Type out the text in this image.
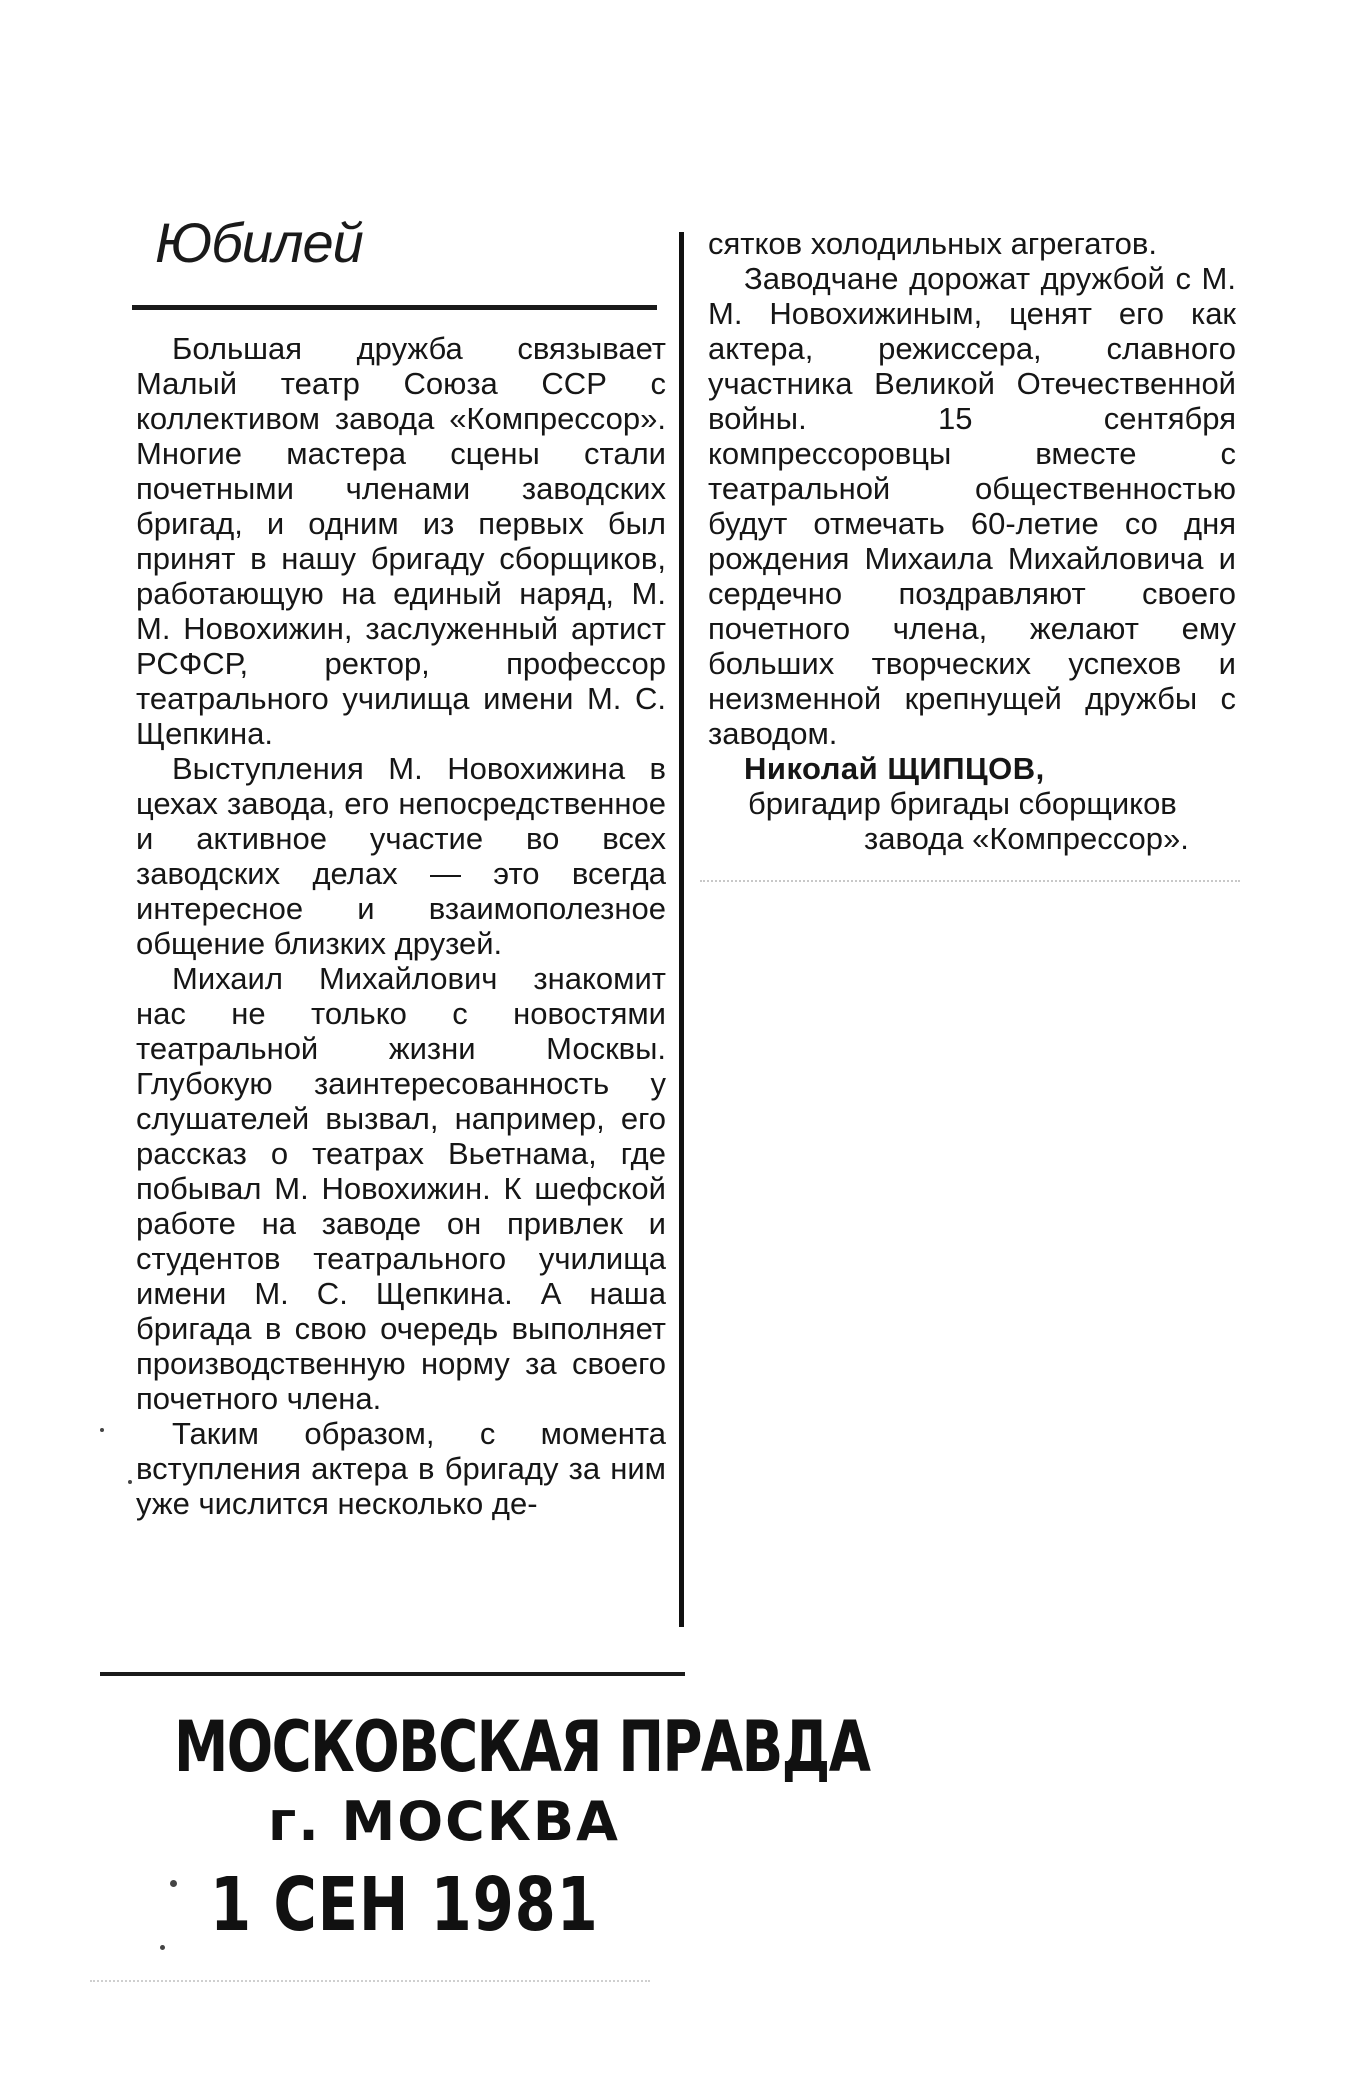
Юбилей

Большая дружба связывает Малый театр Союза ССР с коллективом завода «Компрессор». Многие мастера сцены стали почетными членами заводских бригад, и одним из первых был принят в нашу бригаду сборщиков, работающую на единый наряд, М. М. Новохижин, заслуженный артист РСФСР, ректор, профессор театрального училища имени М. С. Щепкина.

Выступления М. Новохижина в цехах завода, его непосредственное и активное участие во всех заводских делах — это всегда интересное и взаимополезное общение близких друзей.

Михаил Михайлович знакомит нас не только с новостями театральной жизни Москвы. Глубокую заинтересованность у слушателей вызвал, например, его рассказ о театрах Вьетнама, где побывал М. Новохижин. К шефской работе на заводе он привлек и студентов театрального училища имени М. С. Щепкина. А наша бригада в свою очередь выполняет производственную норму за своего почетного члена.

Таким образом, с момента вступления актера в бригаду за ним уже числится несколько де-

сятков холодильных агрегатов.

Заводчане дорожат дружбой с М. М. Новохижиным, ценят его как актера, режиссера, славного участника Великой Отечественной войны. 15 сентября компрессоровцы вместе с театральной общественностью будут отмечать 60-летие со дня рождения Михаила Михайловича и сердечно поздравляют своего почетного члена, желают ему больших творческих успехов и неизменной крепнущей дружбы с заводом.

Николай ЩИПЦОВ,

бригадир бригады сборщиков

завода «Компрессор».

МОСКОВСКАЯ ПРАВДА
г. МОСКВА
1 СЕН 1981
